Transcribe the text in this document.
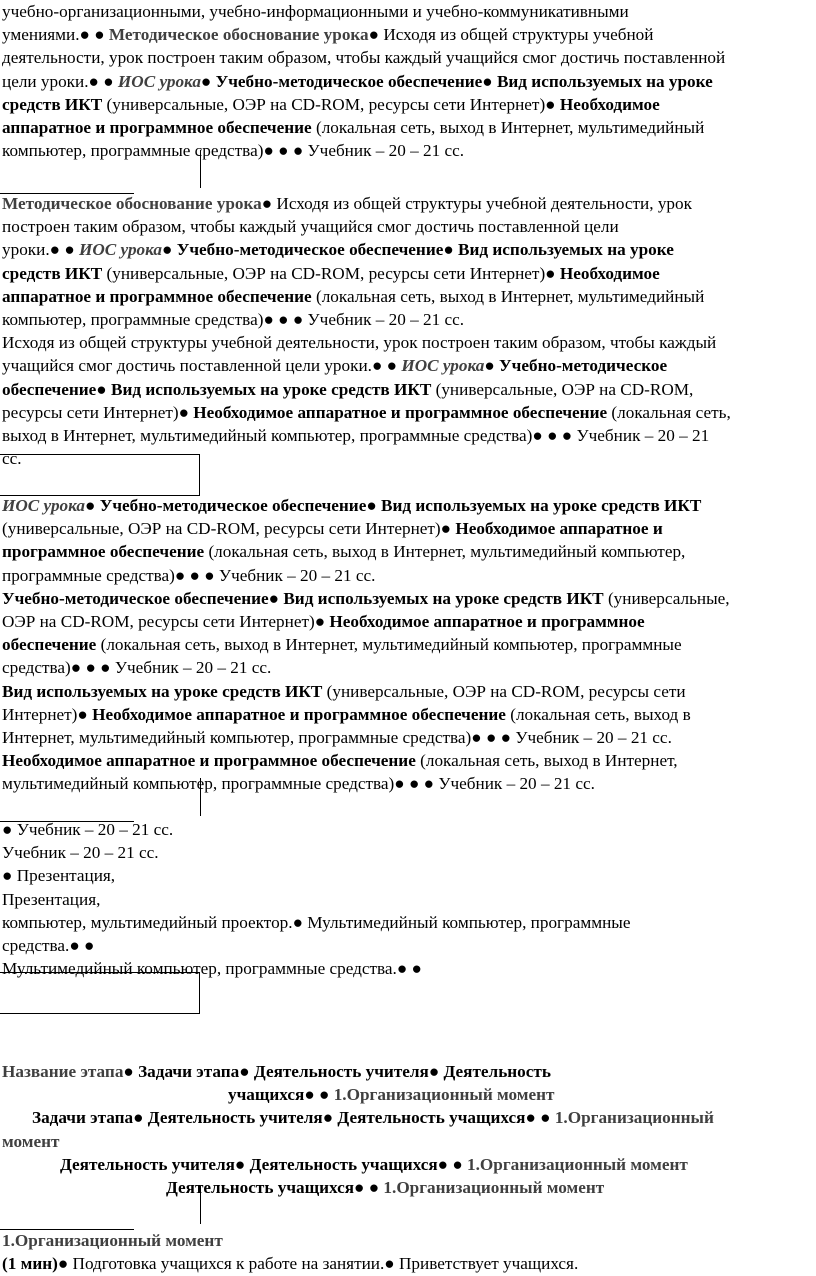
учебно-организационными, учебно-информационными и учебно-коммуникативными
умениями.● ● Методическое обоснование урока● Исходя из общей структуры учебной
деятельности, урок построен таким образом, чтобы каждый учащийся смог достичь поставленной
цели уроки.● ● ИОС урока● Учебно-методическое обеспечение● Вид используемых на уроке
средств ИКТ (универсальные, ОЭР на CD-ROM, ресурсы сети Интернет)● Необходимое
аппаратное и программное обеспечение (локальная сеть, выход в Интернет, мультимедийный
компьютер, программные средства)● ● ● Учебник – 20 – 21 сс.
Методическое обоснование урока● Исходя из общей структуры учебной деятельности, урок
построен таким образом, чтобы каждый учащийся смог достичь поставленной цели
уроки.● ● ИОС урока● Учебно-методическое обеспечение● Вид используемых на уроке
средств ИКТ (универсальные, ОЭР на CD-ROM, ресурсы сети Интернет)● Необходимое
аппаратное и программное обеспечение (локальная сеть, выход в Интернет, мультимедийный
компьютер, программные средства)● ● ● Учебник – 20 – 21 сс.
Исходя из общей структуры учебной деятельности, урок построен таким образом, чтобы каждый
учащийся смог достичь поставленной цели уроки.● ● ИОС урока● Учебно-методическое
обеспечение● Вид используемых на уроке средств ИКТ (универсальные, ОЭР на CD-ROM,
ресурсы сети Интернет)● Необходимое аппаратное и программное обеспечение (локальная сеть,
выход в Интернет, мультимедийный компьютер, программные средства)● ● ● Учебник – 20 – 21
сс.
ИОС урока● Учебно-методическое обеспечение● Вид используемых на уроке средств ИКТ
(универсальные, ОЭР на CD-ROM, ресурсы сети Интернет)● Необходимое аппаратное и
программное обеспечение (локальная сеть, выход в Интернет, мультимедийный компьютер,
программные средства)● ● ● Учебник – 20 – 21 сс.
Учебно-методическое обеспечение● Вид используемых на уроке средств ИКТ (универсальные,
ОЭР на CD-ROM, ресурсы сети Интернет)● Необходимое аппаратное и программное
обеспечение (локальная сеть, выход в Интернет, мультимедийный компьютер, программные
средства)● ● ● Учебник – 20 – 21 сс.
Вид используемых на уроке средств ИКТ (универсальные, ОЭР на CD-ROM, ресурсы сети
Интернет)● Необходимое аппаратное и программное обеспечение (локальная сеть, выход в
Интернет, мультимедийный компьютер, программные средства)● ● ● Учебник – 20 – 21 сс.
Необходимое аппаратное и программное обеспечение (локальная сеть, выход в Интернет,
мультимедийный компьютер, программные средства)● ● ● Учебник – 20 – 21 сс.
● Учебник – 20 – 21 сс.
Учебник – 20 – 21 сс.
● Презентация,
Презентация,
компьютер, мультимедийный проектор.● Мультимедийный компьютер, программные
средства.● ●
Мультимедийный компьютер, программные средства.● ●
Название этапа● Задачи этапа● Деятельность учителя● Деятельность
учащихся● ● 1.Организационный момент
Задачи этапа● Деятельность учителя● Деятельность учащихся● ● 1.Организационный
момент
Деятельность учителя● Деятельность учащихся● ● 1.Организационный момент
Деятельность учащихся● ● 1.Организационный момент
1.Организационный момент
(1 мин)● Подготовка учащихся к работе на занятии.● Приветствует учащихся.
